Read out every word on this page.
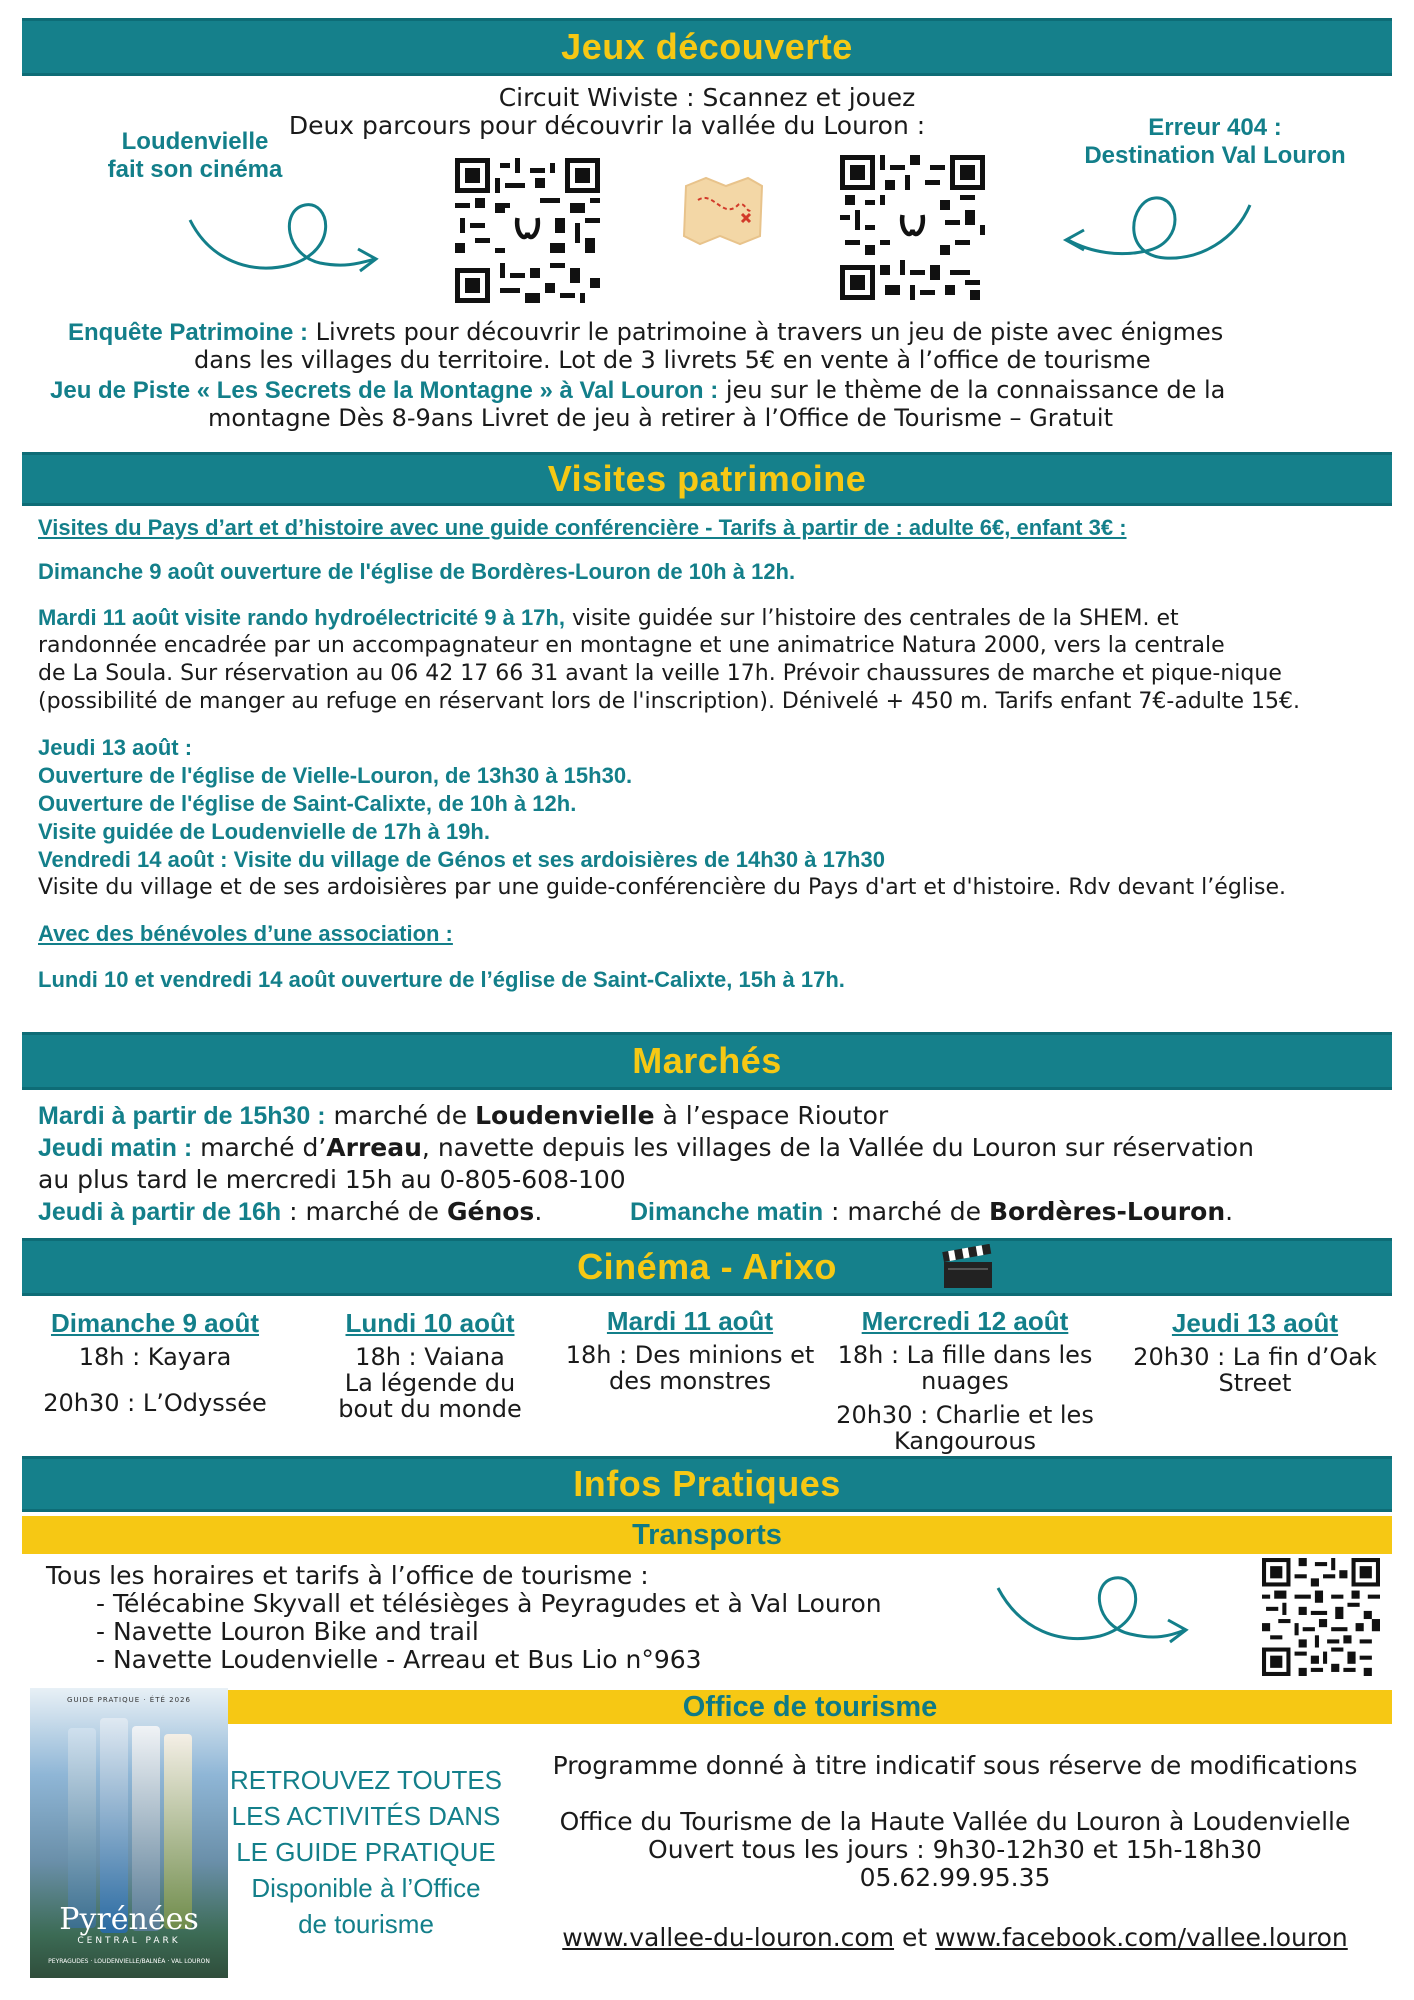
Jeux découverte
Circuit Wiviste : Scannez et jouez
Deux parcours pour découvrir la vallée du Louron :
Loudenvielle
fait son cinéma
Erreur 404 :
Destination Val Louron
Enquête Patrimoine : Livrets pour découvrir le patrimoine à travers un jeu de piste avec énigmes
dans les villages du territoire. Lot de 3 livrets 5€ en vente à l’office de tourisme
Jeu de Piste « Les Secrets de la Montagne » à Val Louron : jeu sur le thème de la connaissance de la
montagne Dès 8-9ans Livret de jeu à retirer à l’Office de Tourisme – Gratuit
Visites patrimoine
Visites du Pays d’art et d’histoire avec une guide conférencière - Tarifs à partir de : adulte 6€, enfant 3€ :
Dimanche 9 août ouverture de l'église de Bordères-Louron de 10h à 12h.
Mardi 11 août visite rando hydroélectricité 9 à 17h, visite guidée sur l’histoire des centrales de la SHEM. et
randonnée encadrée par un accompagnateur en montagne et une animatrice Natura 2000, vers la centrale
de La Soula. Sur réservation au 06 42 17 66 31 avant la veille 17h. Prévoir chaussures de marche et pique-nique
(possibilité de manger au refuge en réservant lors de l'inscription). Dénivelé + 450 m. Tarifs enfant 7€-adulte 15€.
Jeudi 13 août :
Ouverture de l'église de Vielle-Louron, de 13h30 à 15h30.
Ouverture de l'église de Saint-Calixte, de 10h à 12h.
Visite guidée de Loudenvielle de 17h à 19h.
Vendredi 14 août : Visite du village de Génos et ses ardoisières de 14h30 à 17h30
Visite du village et de ses ardoisières par une guide-conférencière du Pays d'art et d'histoire. Rdv devant l’église.
Avec des bénévoles d’une association :
Lundi 10 et vendredi 14 août ouverture de l’église de Saint-Calixte, 15h à 17h.
Marchés
Mardi à partir de 15h30 : marché de Loudenvielle à l’espace Rioutor
Jeudi matin : marché d’Arreau, navette depuis les villages de la Vallée du Louron sur réservation
au plus tard le mercredi 15h au 0-805-608-100
Jeudi à partir de 16h : marché de Génos.	Dimanche matin : marché de Bordères-Louron.
Cinéma - Arixo
Dimanche 9 août
18h : Kayara
20h30 : L’Odyssée
Lundi 10 août
18h : Vaiana
La légende du
bout du monde
Mardi 11 août
18h : Des minions et
des monstres
Mercredi 12 août
18h : La fille dans les
nuages
20h30 : Charlie et les
Kangourous
Jeudi 13 août
20h30 : La fin d’Oak
Street
Infos Pratiques
Transports
Tous les horaires et tarifs à l’office de tourisme :
- Télécabine Skyvall et télésièges à Peyragudes et à Val Louron
- Navette Louron Bike and trail
- Navette Loudenvielle - Arreau et Bus Lio n°963
Office de tourisme
GUIDE PRATIQUE · ÉTÉ 2026
Pyrénées
CENTRAL PARK
PEYRAGUDES · LOUDENVIELLE/BALNÉA · VAL LOURON
RETROUVEZ TOUTES
LES ACTIVITÉS DANS
LE GUIDE PRATIQUE
Disponible à l’Office
de tourisme
Programme donné à titre indicatif sous réserve de modifications
Office du Tourisme de la Haute Vallée du Louron à Loudenvielle
Ouvert tous les jours : 9h30-12h30 et 15h-18h30
05.62.99.95.35
www.vallee-du-louron.com et www.facebook.com/vallee.louron
